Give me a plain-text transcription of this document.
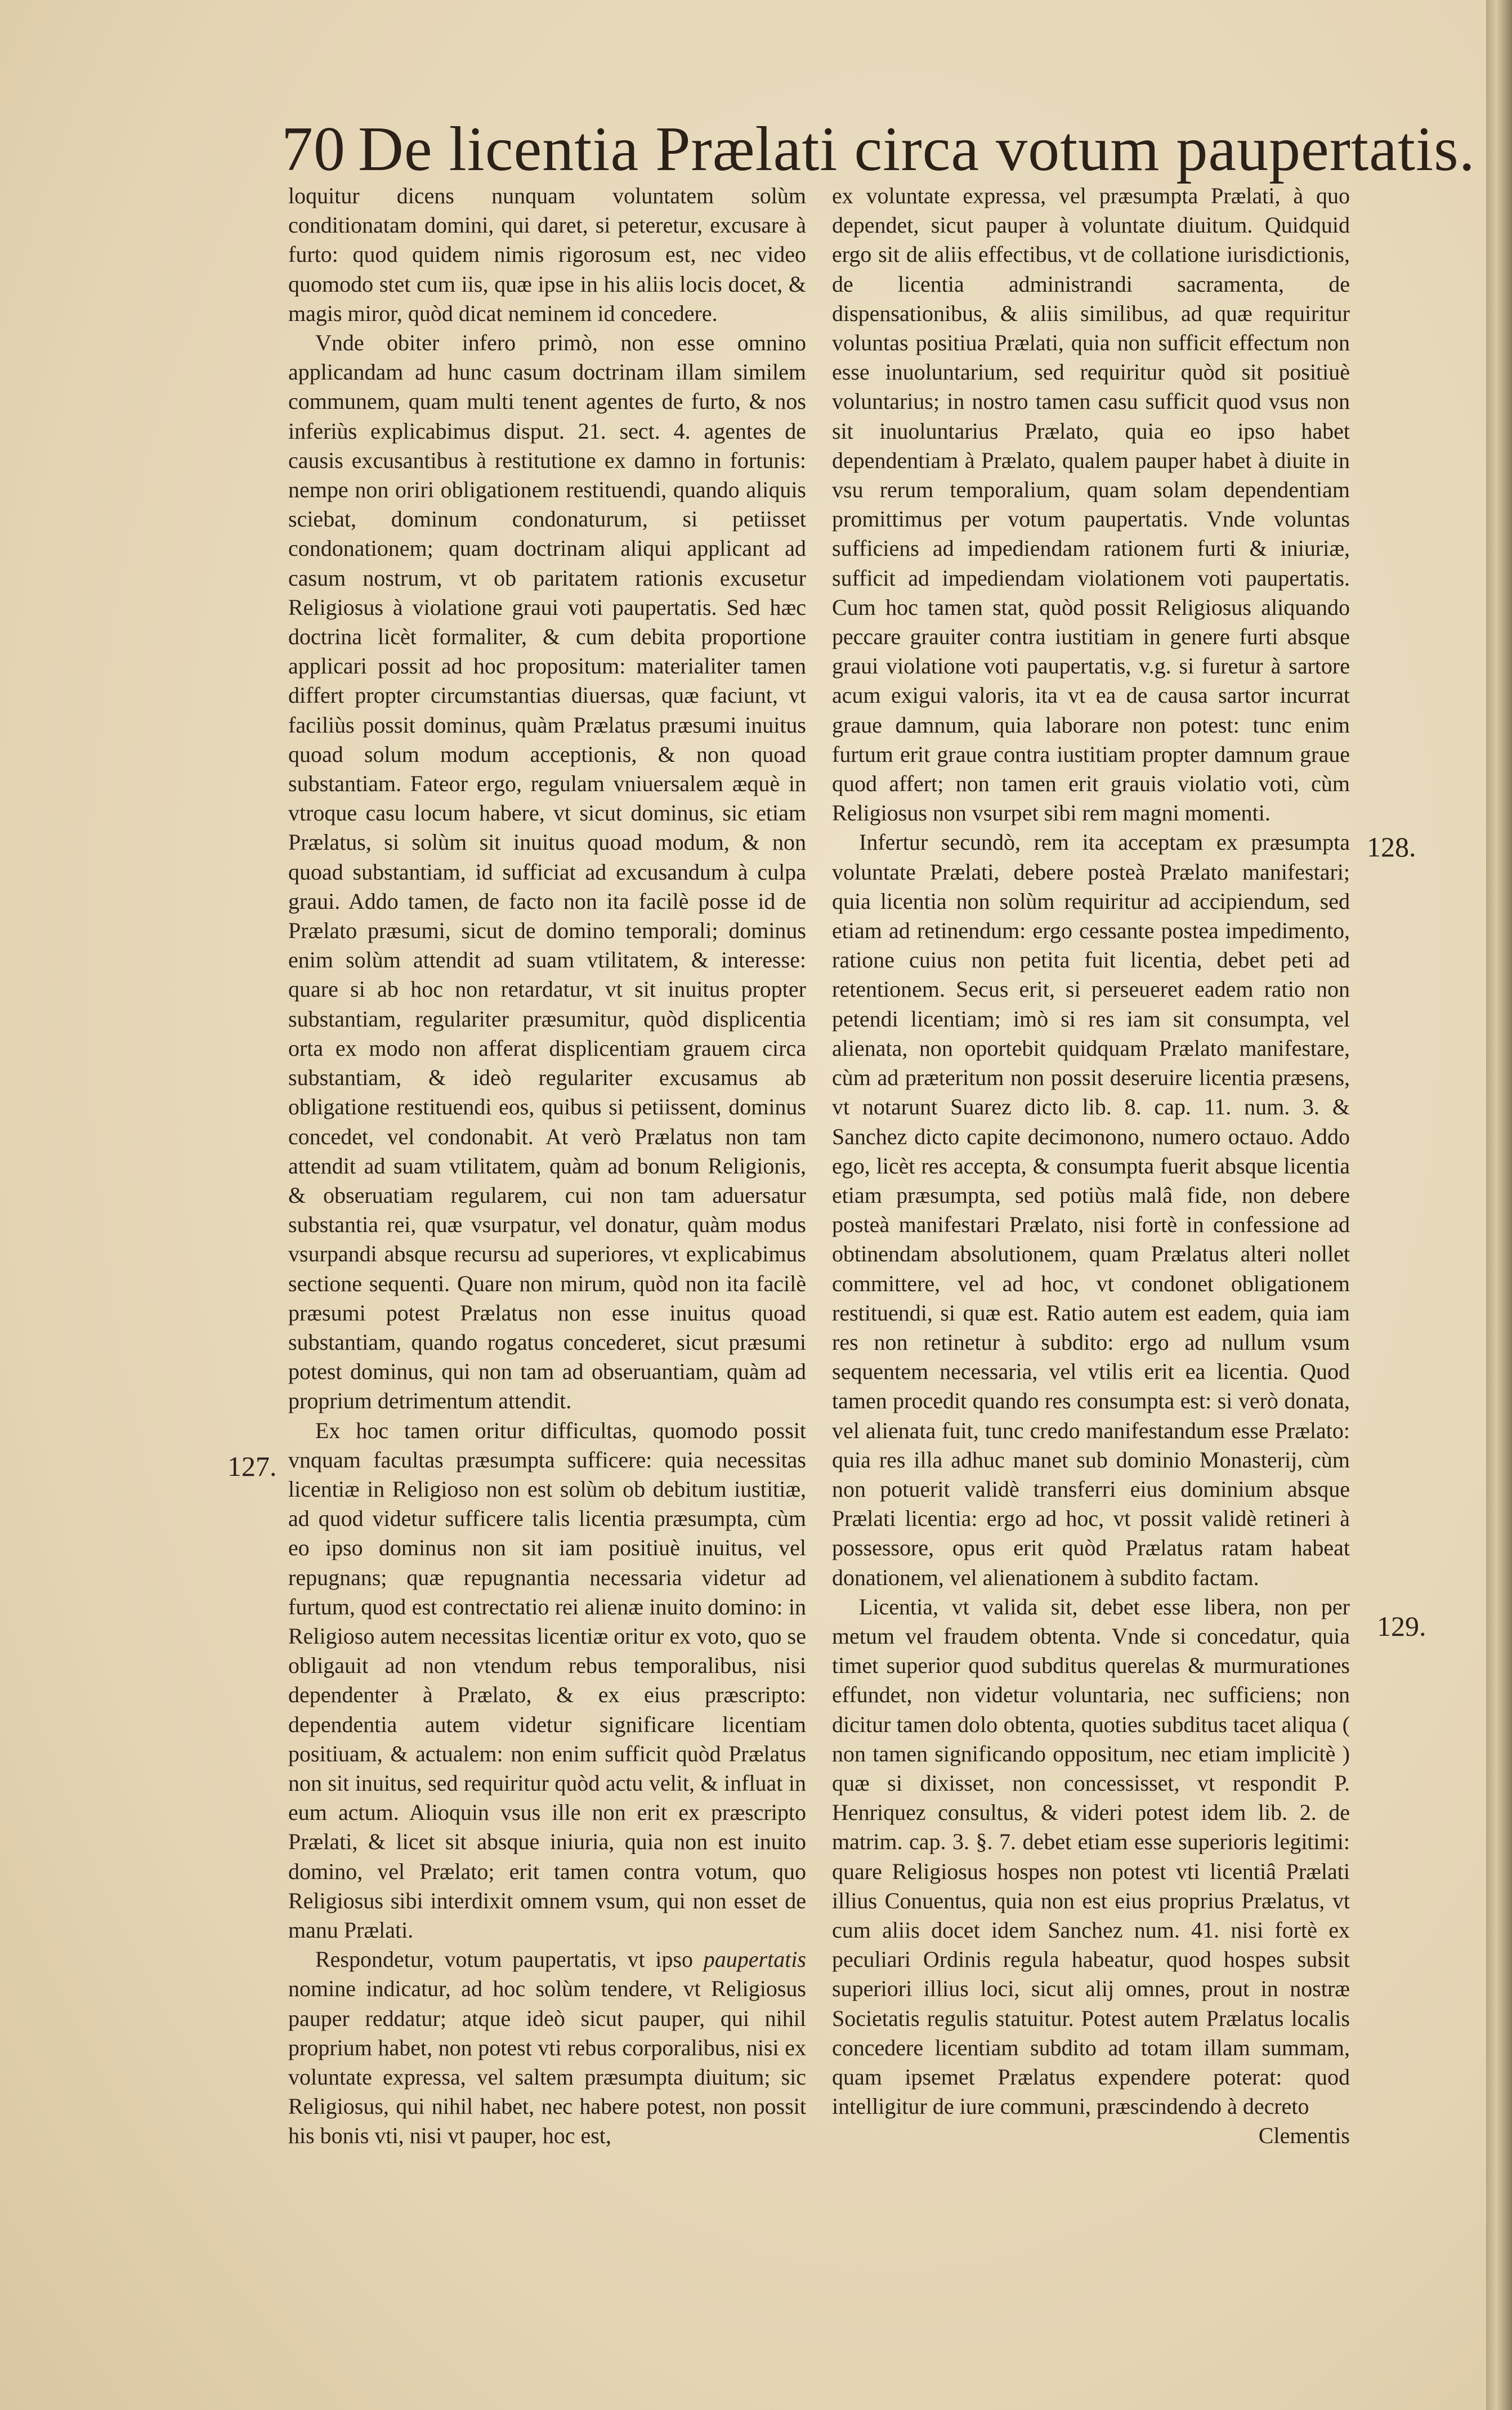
70 De licentia Prælati circa votum paupertatis.

loquitur dicens nunquam voluntatem solùm conditionatam domini, qui daret, si peteretur, excusare à furto: quod quidem nimis rigorosum est, nec video quomodo stet cum iis, quæ ipse in his aliis locis docet, & magis miror, quòd dicat neminem id concedere.

Vnde obiter infero primò, non esse omnino applicandam ad hunc casum doctrinam illam similem communem, quam multi tenent agentes de furto, & nos inferiùs explicabimus disput. 21. sect. 4. agentes de causis excusantibus à restitutione ex damno in fortunis: nempe non oriri obligationem restituendi, quando aliquis sciebat, dominum condonaturum, si petiisset condonationem; quam doctrinam aliqui applicant ad casum nostrum, vt ob paritatem rationis excusetur Religiosus à violatione graui voti paupertatis. Sed hæc doctrina licèt formaliter, & cum debita proportione applicari possit ad hoc propositum: materialiter tamen differt propter circumstantias diuersas, quæ faciunt, vt faciliùs possit dominus, quàm Prælatus præsumi inuitus quoad solum modum acceptionis, & non quoad substantiam. Fateor ergo, regulam vniuersalem æquè in vtroque casu locum habere, vt sicut dominus, sic etiam Prælatus, si solùm sit inuitus quoad modum, & non quoad substantiam, id sufficiat ad excusandum à culpa graui. Addo tamen, de facto non ita facilè posse id de Prælato præsumi, sicut de domino temporali; dominus enim solùm attendit ad suam vtilitatem, & interesse: quare si ab hoc non retardatur, vt sit inuitus propter substantiam, regulariter præsumitur, quòd displicentia orta ex modo non afferat displicentiam grauem circa substantiam, & ideò regulariter excusamus ab obligatione restituendi eos, quibus si petiissent, dominus concedet, vel condonabit. At verò Prælatus non tam attendit ad suam vtilitatem, quàm ad bonum Religionis, & obseruatiam regularem, cui non tam aduersatur substantia rei, quæ vsurpatur, vel donatur, quàm modus vsurpandi absque recursu ad superiores, vt explicabimus sectione sequenti. Quare non mirum, quòd non ita facilè præsumi potest Prælatus non esse inuitus quoad substantiam, quando rogatus concederet, sicut præsumi potest dominus, qui non tam ad obseruantiam, quàm ad proprium detrimentum attendit.

Ex hoc tamen oritur difficultas, quomodo possit vnquam facultas præsumpta sufficere: quia necessitas licentiæ in Religioso non est solùm ob debitum iustitiæ, ad quod videtur sufficere talis licentia præsumpta, cùm eo ipso dominus non sit iam positiuè inuitus, vel repugnans; quæ repugnantia necessaria videtur ad furtum, quod est contrectatio rei alienæ inuito domino: in Religioso autem necessitas licentiæ oritur ex voto, quo se obligauit ad non vtendum rebus temporalibus, nisi dependenter à Prælato, & ex eius præscripto: dependentia autem videtur significare licentiam positiuam, & actualem: non enim sufficit quòd Prælatus non sit inuitus, sed requiritur quòd actu velit, & influat in eum actum. Alioquin vsus ille non erit ex præscripto Prælati, & licet sit absque iniuria, quia non est inuito domino, vel Prælato; erit tamen contra votum, quo Religiosus sibi interdixit omnem vsum, qui non esset de manu Prælati.

Respondetur, votum paupertatis, vt ipso paupertatis nomine indicatur, ad hoc solùm tendere, vt Religiosus pauper reddatur; atque ideò sicut pauper, qui nihil proprium habet, non potest vti rebus corporalibus, nisi ex voluntate expressa, vel saltem præsumpta diuitum; sic Religiosus, qui nihil habet, nec habere potest, non possit his bonis vti, nisi vt pauper, hoc est,

ex voluntate expressa, vel præsumpta Prælati, à quo dependet, sicut pauper à voluntate diuitum. Quidquid ergo sit de aliis effectibus, vt de collatione iurisdictionis, de licentia administrandi sacramenta, de dispensationibus, & aliis similibus, ad quæ requiritur voluntas positiua Prælati, quia non sufficit effectum non esse inuoluntarium, sed requiritur quòd sit positiuè voluntarius; in nostro tamen casu sufficit quod vsus non sit inuoluntarius Prælato, quia eo ipso habet dependentiam à Prælato, qualem pauper habet à diuite in vsu rerum temporalium, quam solam dependentiam promittimus per votum paupertatis. Vnde voluntas sufficiens ad impediendam rationem furti & iniuriæ, sufficit ad impediendam violationem voti paupertatis. Cum hoc tamen stat, quòd possit Religiosus aliquando peccare grauiter contra iustitiam in genere furti absque graui violatione voti paupertatis, v.g. si furetur à sartore acum exigui valoris, ita vt ea de causa sartor incurrat graue damnum, quia laborare non potest: tunc enim furtum erit graue contra iustitiam propter damnum graue quod affert; non tamen erit grauis violatio voti, cùm Religiosus non vsurpet sibi rem magni momenti.

Infertur secundò, rem ita acceptam ex præsumpta voluntate Prælati, debere posteà Prælato manifestari; quia licentia non solùm requiritur ad accipiendum, sed etiam ad retinendum: ergo cessante postea impedimento, ratione cuius non petita fuit licentia, debet peti ad retentionem. Secus erit, si perseueret eadem ratio non petendi licentiam; imò si res iam sit consumpta, vel alienata, non oportebit quidquam Prælato manifestare, cùm ad præteritum non possit deseruire licentia præsens, vt notarunt Suarez dicto lib. 8. cap. 11. num. 3. & Sanchez dicto capite decimonono, numero octauo. Addo ego, licèt res accepta, & consumpta fuerit absque licentia etiam præsumpta, sed potiùs malâ fide, non debere posteà manifestari Prælato, nisi fortè in confessione ad obtinendam absolutionem, quam Prælatus alteri nollet committere, vel ad hoc, vt condonet obligationem restituendi, si quæ est. Ratio autem est eadem, quia iam res non retinetur à subdito: ergo ad nullum vsum sequentem necessaria, vel vtilis erit ea licentia. Quod tamen procedit quando res consumpta est: si verò donata, vel alienata fuit, tunc credo manifestandum esse Prælato: quia res illa adhuc manet sub dominio Monasterij, cùm non potuerit validè transferri eius dominium absque Prælati licentia: ergo ad hoc, vt possit validè retineri à possessore, opus erit quòd Prælatus ratam habeat donationem, vel alienationem à subdito factam.

Licentia, vt valida sit, debet esse libera, non per metum vel fraudem obtenta. Vnde si concedatur, quia timet superior quod subditus querelas & murmurationes effundet, non videtur voluntaria, nec sufficiens; non dicitur tamen dolo obtenta, quoties subditus tacet aliqua ( non tamen significando oppositum, nec etiam implicitè ) quæ si dixisset, non concessisset, vt respondit P. Henriquez consultus, & videri potest idem lib. 2. de matrim. cap. 3. §. 7. debet etiam esse superioris legitimi: quare Religiosus hospes non potest vti licentiâ Prælati illius Conuentus, quia non est eius proprius Prælatus, vt cum aliis docet idem Sanchez num. 41. nisi fortè ex peculiari Ordinis regula habeatur, quod hospes subsit superiori illius loci, sicut alij omnes, prout in nostræ Societatis regulis statuitur. Potest autem Prælatus localis concedere licentiam subdito ad totam illam summam, quam ipsemet Prælatus expendere poterat: quod intelligitur de iure communi, præscindendo à decreto

Clementis

127.
128.
129.
